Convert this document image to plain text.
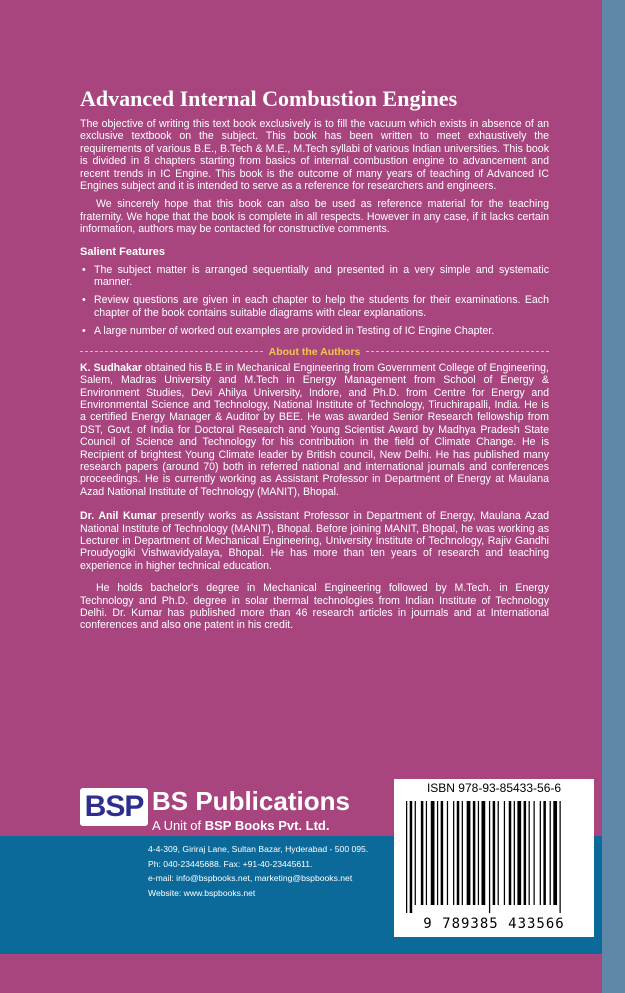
Advanced Internal Combustion Engines

The objective of writing this text book exclusively is to fill the vacuum which exists in absence of an exclusive textbook on the subject. This book has been written to meet exhaustively the requirements of various B.E., B.Tech & M.E., M.Tech syllabi of various Indian universities. This book is divided in 8 chapters starting from basics of internal combustion engine to advancement and recent trends in IC Engine. This book is the outcome of many years of teaching of Advanced IC Engines subject and it is intended to serve as a reference for researchers and engineers.

We sincerely hope that this book can also be used as reference material for the teaching fraternity. We hope that the book is complete in all respects. However in any case, if it lacks certain information, authors may be contacted for constructive comments.

Salient Features
• The subject matter is arranged sequentially and presented in a very simple and systematic manner.
• Review questions are given in each chapter to help the students for their examinations. Each chapter of the book contains suitable diagrams with clear explanations.
• A large number of worked out examples are provided in Testing of IC Engine Chapter.
About the Authors

K. Sudhakar obtained his B.E in Mechanical Engineering from Government College of Engineering, Salem, Madras University and M.Tech in Energy Management from School of Energy & Environment Studies, Devi Ahilya University, Indore, and Ph.D. from Centre for Energy and Environmental Science and Technology, National Institute of Technology, Tiruchirapalli, India. He is a certified Energy Manager & Auditor by BEE. He was awarded Senior Research fellowship from DST, Govt. of India for Doctoral Research and Young Scientist Award by Madhya Pradesh State Council of Science and Technology for his contribution in the field of Climate Change. He is Recipient of brightest Young Climate leader by British council, New Delhi. He has published many research papers (around 70) both in referred national and international journals and conferences proceedings. He is currently working as Assistant Professor in Department of Energy at Maulana Azad National Institute of Technology (MANIT), Bhopal.

Dr. Anil Kumar presently works as Assistant Professor in Department of Energy, Maulana Azad National Institute of Technology (MANIT), Bhopal. Before joining MANIT, Bhopal, he was working as Lecturer in Department of Mechanical Engineering, University Institute of Technology, Rajiv Gandhi Proudyogiki Vishwavidyalaya, Bhopal. He has more than ten years of research and teaching experience in higher technical education.

He holds bachelor's degree in Mechanical Engineering followed by M.Tech. in Energy Technology and Ph.D. degree in solar thermal technologies from Indian Institute of Technology Delhi. Dr. Kumar has published more than 46 research articles in journals and at International conferences and also one patent in his credit.

BSP BS Publications
A Unit of BSP Books Pvt. Ltd.
4-4-309, Giriraj Lane, Sultan Bazar, Hyderabad - 500 095.
Ph: 040-23445688. Fax: +91-40-23445611.
e-mail: info@bspbooks.net, marketing@bspbooks.net
Website: www.bspbooks.net
ISBN 978-93-85433-56-6
9 789385 433566
